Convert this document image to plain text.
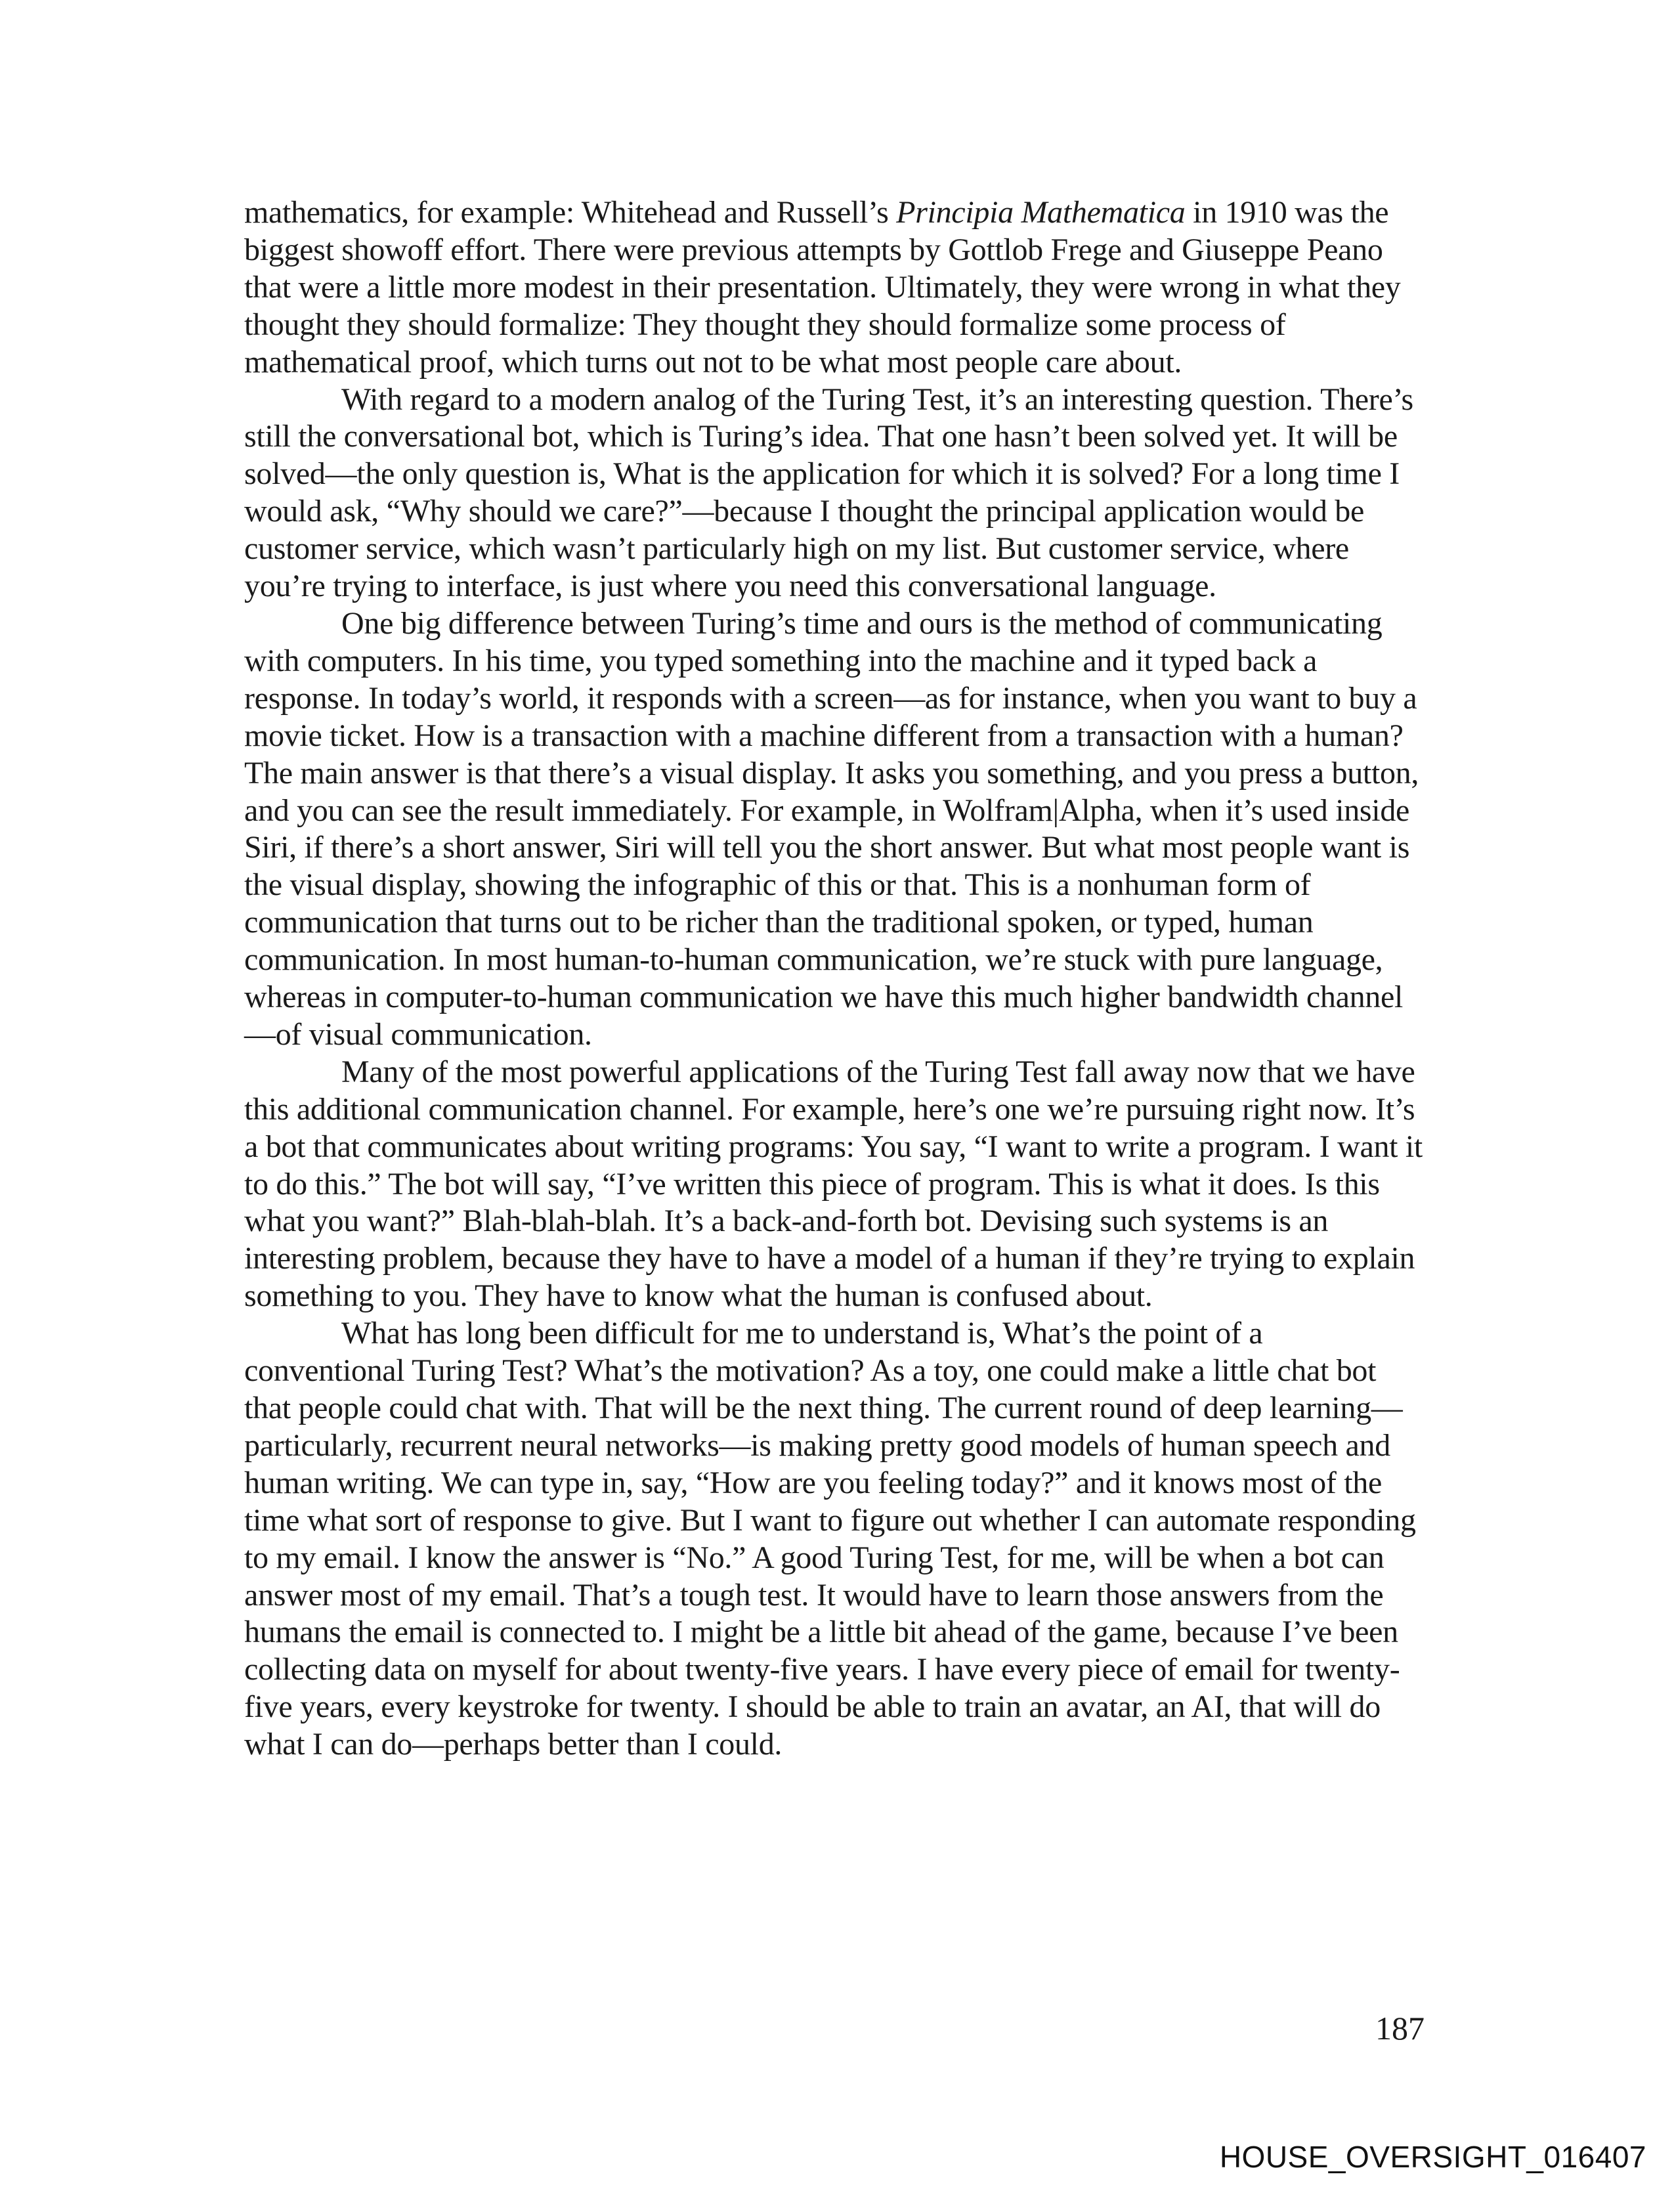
mathematics, for example: Whitehead and Russell’s Principia Mathematica in 1910 was the biggest showoff effort. There were previous attempts by Gottlob Frege and Giuseppe Peano that were a little more modest in their presentation. Ultimately, they were wrong in what they thought they should formalize: They thought they should formalize some process of mathematical proof, which turns out not to be what most people care about.

With regard to a modern analog of the Turing Test, it’s an interesting question. There’s still the conversational bot, which is Turing’s idea. That one hasn’t been solved yet. It will be solved—the only question is, What is the application for which it is solved? For a long time I would ask, “Why should we care?”—because I thought the principal application would be customer service, which wasn’t particularly high on my list. But customer service, where you’re trying to interface, is just where you need this conversational language.

One big difference between Turing’s time and ours is the method of communicating with computers. In his time, you typed something into the machine and it typed back a response. In today’s world, it responds with a screen—as for instance, when you want to buy a movie ticket. How is a transaction with a machine different from a transaction with a human? The main answer is that there’s a visual display. It asks you something, and you press a button, and you can see the result immediately. For example, in Wolfram|Alpha, when it’s used inside Siri, if there’s a short answer, Siri will tell you the short answer. But what most people want is the visual display, showing the infographic of this or that. This is a nonhuman form of communication that turns out to be richer than the traditional spoken, or typed, human communication. In most human-to-human communication, we’re stuck with pure language, whereas in computer-to-human communication we have this much higher bandwidth channel—of visual communication.

Many of the most powerful applications of the Turing Test fall away now that we have this additional communication channel. For example, here’s one we’re pursuing right now. It’s a bot that communicates about writing programs: You say, “I want to write a program. I want it to do this.” The bot will say, “I’ve written this piece of program. This is what it does. Is this what you want?” Blah-blah-blah. It’s a back-and-forth bot. Devising such systems is an interesting problem, because they have to have a model of a human if they’re trying to explain something to you. They have to know what the human is confused about.

What has long been difficult for me to understand is, What’s the point of a conventional Turing Test? What’s the motivation? As a toy, one could make a little chat bot that people could chat with. That will be the next thing. The current round of deep learning—particularly, recurrent neural networks—is making pretty good models of human speech and human writing. We can type in, say, “How are you feeling today?” and it knows most of the time what sort of response to give. But I want to figure out whether I can automate responding to my email. I know the answer is “No.” A good Turing Test, for me, will be when a bot can answer most of my email. That’s a tough test. It would have to learn those answers from the humans the email is connected to. I might be a little bit ahead of the game, because I’ve been collecting data on myself for about twenty-five years. I have every piece of email for twenty-five years, every keystroke for twenty. I should be able to train an avatar, an AI, that will do what I can do—perhaps better than I could.

187
HOUSE_OVERSIGHT_016407
